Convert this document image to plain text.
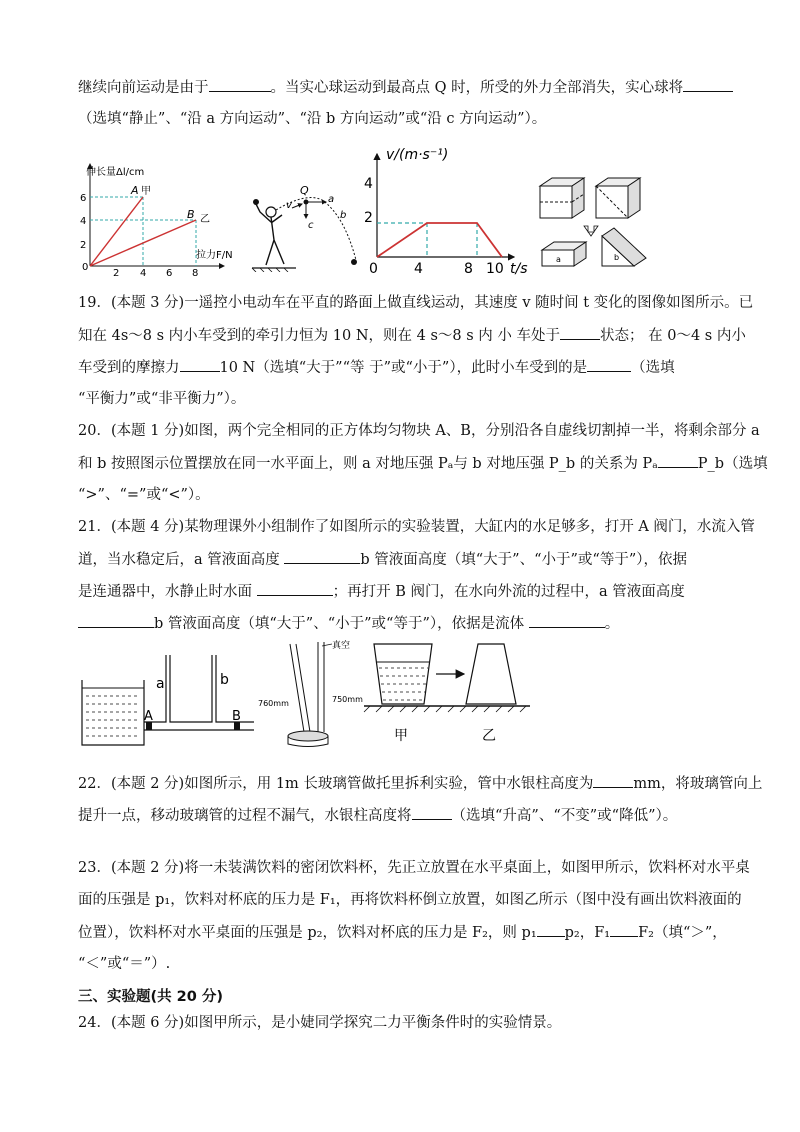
继续向前运动是由于	。当实心球运动到最高点 Q 时，所受的外力全部消失，实心球将
（选填“静止”、“沿 a 方向运动”、“沿 b 方向运动”或“沿 c 方向运动”）。
伸长量Δl/cm
0
2
4
6
2 4 6 8
A 甲
B 乙
拉力F/N
Q
v
a
b
c
v/(m·s⁻¹)
t/s
4
2
0	4	8 10
a	b
19．(本题 3 分)一遥控小电动车在平直的路面上做直线运动，其速度 v 随时间 t 变化的图像如图所示。已
知在 4s～8 s 内小车受到的牵引力恒为 10 N，则在 4 s～8 s 内 小 车处于	状态； 在 0～4 s 内小
车受到的摩擦力	10 N（选填“大于”“等 于”或“小于”），此时小车受到的是	（选填
“平衡力”或“非平衡力”）。
20．(本题 1 分)如图，两个完全相同的正方体均匀物块 A、B，分别沿各自虚线切割掉一半，将剩余部分 a
和 b 按照图示位置摆放在同一水平面上，则 a 对地压强 Pₐ与 b 对地压强 P_b 的关系为 Pₐ	P_b（选填
“>”、“=”或“<”）。
21．(本题 4 分)某物理课外小组制作了如图所示的实验装置，大缸内的水足够多，打开 A 阀门，水流入管
道，当水稳定后，a 管液面高度	b 管液面高度（填“大于”、“小于”或“等于”），依据
是连通器中，水静止时水面	；再打开 B 阀门，在水向外流的过程中，a 管液面高度
b 管液面高度（填“大于”、“小于”或“等于”），依据是流体	。
a	b
A	B
真空
760mm	750mm
甲	乙
22．(本题 2 分)如图所示，用 1m 长玻璃管做托里拆利实验，管中水银柱高度为	mm，将玻璃管向上
提升一点，移动玻璃管的过程不漏气，水银柱高度将	（选填“升高”、“不变”或“降低”）。
23．(本题 2 分)将一未装满饮料的密闭饮料杯，先正立放置在水平桌面上，如图甲所示，饮料杯对水平桌
面的压强是 p₁，饮料对杯底的压力是 F₁，再将饮料杯倒立放置，如图乙所示（图中没有画出饮料液面的
位置），饮料杯对水平桌面的压强是 p₂，饮料对杯底的压力是 F₂，则 p₁ p₂，F₁ F₂（填“＞”，
“＜”或“＝”）.
三、实验题(共 20 分)
24．(本题 6 分)如图甲所示，是小婕同学探究二力平衡条件时的实验情景。
